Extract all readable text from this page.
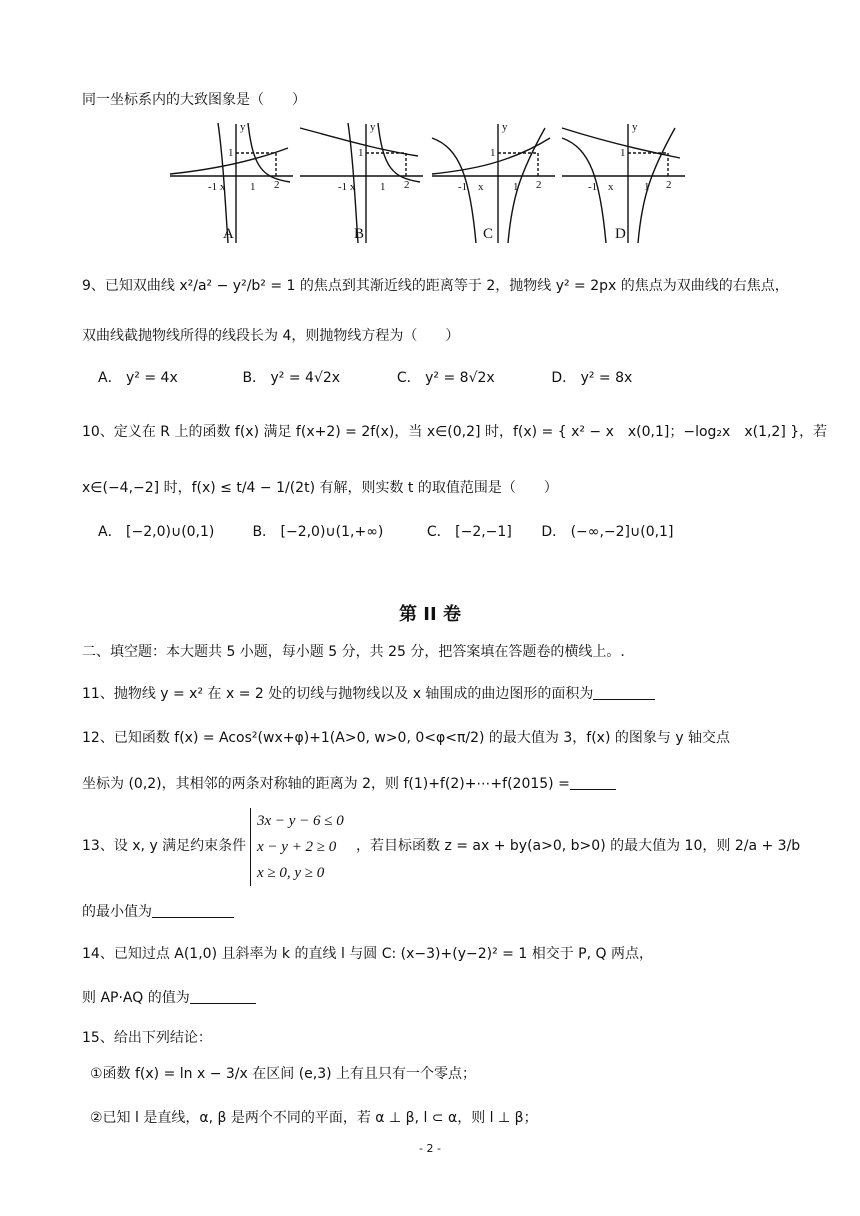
同一坐标系内的大致图象是（　　）
y
-1 x 1 2
1
y
-1 x 1 2
1
y
-1 x	1 2
1
y
-1 x	1 2
1
A	B	C	D
9、已知双曲线 x²/a² − y²/b² = 1 的焦点到其渐近线的距离等于 2，抛物线 y² = 2px 的焦点为双曲线的右焦点，
双曲线截抛物线所得的线段长为 4，则抛物线方程为（　　）
A． y² = 4x	B． y² = 4√2x	C． y² = 8√2x	D． y² = 8x
10、定义在 R 上的函数 f(x) 满足 f(x+2) = 2f(x)，当 x∈(0,2] 时，f(x) = { x² − x　x(0,1]；−log₂x　x(1,2] }，若
x∈(−4,−2] 时，f(x) ≤ t/4 − 1/(2t) 有解，则实数 t 的取值范围是（　　）
A． [−2,0)∪(0,1)	B． [−2,0)∪(1,+∞)	C． [−2,−1] D． (−∞,−2]∪(0,1]
第 II 卷
二、填空题：本大题共 5 小题，每小题 5 分，共 25 分，把答案填在答题卷的横线上。.
11、抛物线 y = x² 在 x = 2 处的切线与抛物线以及 x 轴围成的曲边图形的面积为
12、已知函数 f(x) = Acos²(wx+φ)+1(A>0, w>0, 0<φ<π/2) 的最大值为 3，f(x) 的图象与 y 轴交点
坐标为 (0,2)，其相邻的两条对称轴的距离为 2，则 f(1)+f(2)+⋯+f(2015) =
13、设 x, y 满足约束条件
3x − y − 6 ≤ 0
x − y + 2 ≥ 0
x ≥ 0, y ≥ 0
，若目标函数 z = ax + by(a>0, b>0) 的最大值为 10，则 2/a + 3/b
的最小值为
14、已知过点 A(1,0) 且斜率为 k 的直线 l 与圆 C: (x−3)+(y−2)² = 1 相交于 P, Q 两点，
则 AP·AQ 的值为
15、给出下列结论：
①函数 f(x) = ln x − 3/x 在区间 (e,3) 上有且只有一个零点；
②已知 l 是直线，α, β 是两个不同的平面，若 α ⊥ β, l ⊂ α，则 l ⊥ β；
- 2 -
